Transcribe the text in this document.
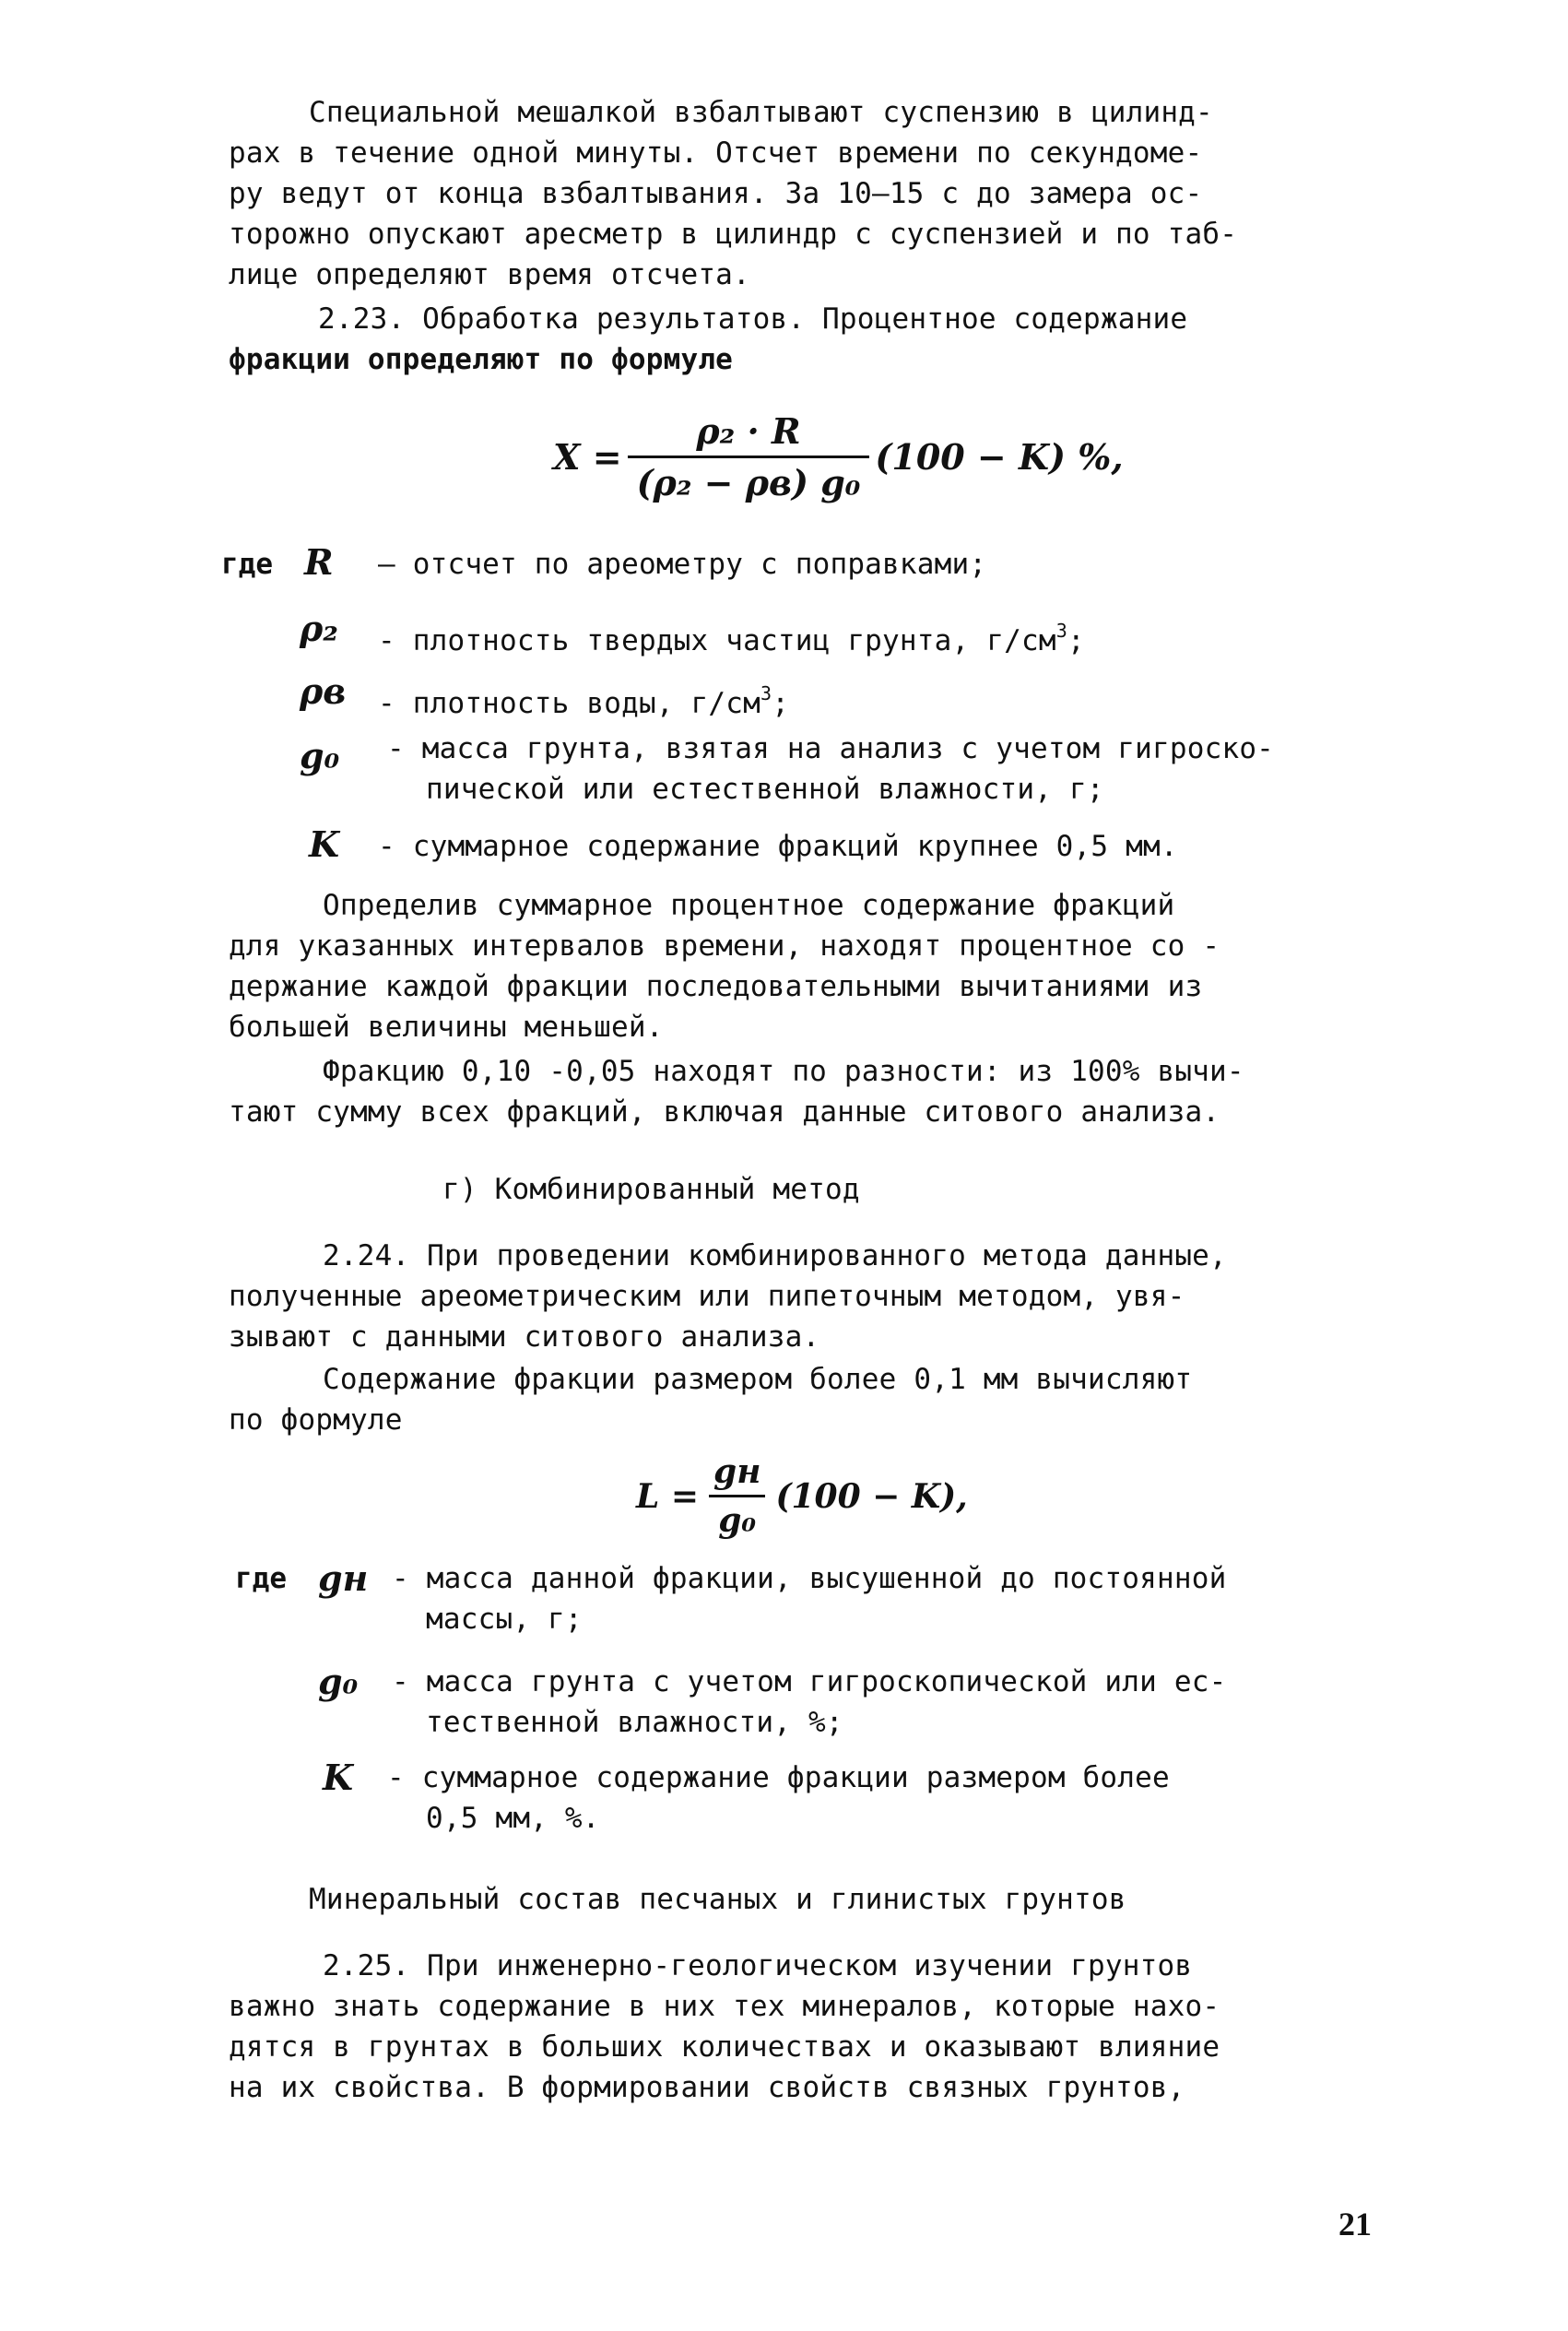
Специальной мешалкой взбалтывают суспензию в цилинд-
рах в течение одной минуты. Отсчет времени по секундоме-
ру ведут от конца взбалтывания. За 10–15 с до замера ос-
торожно опускают аресметр в цилиндр с суспензией и по таб-
лице определяют время отсчета.
2.23. Обработка результатов. Процентное содержание
фракции определяют по формуле
$X = \frac{\text{ρ₂ · R}}{\text{(ρ₂ − ρв) g₀}} (100 - K)$ %,
где R — отсчет по ареометру с поправками;
ρ₂ - плотность твердых частиц грунта, $г/см^3$;
ρв - плотность воды, $г/см^3$;
g₀ - масса грунта, взятая на анализ с учетом гигроско-
пической или естественной влажности, г;
K - суммарное содержание фракций крупнее 0,5 мм.
Определив суммарное процентное содержание фракций
для указанных интервалов времени, находят процентное со -
держание каждой фракции последовательными вычитаниями из
большей величины меньшей.
Фракцию 0,10 -0,05 находят по разности: из 100% вычи-
тают сумму всех фракций, включая данные ситового анализа.
г) Комбинированный метод
2.24. При проведении комбинированного метода данные,
полученные ареометрическим или пипеточным методом, увя-
зывают с данными ситового анализа.
Содержание фракции размером более 0,1 мм вычисляют
по формуле
$L = \frac{gн}{\text{g₀}} (100 - K)$,
где gн - масса данной фракции, высушенной до постоянной
массы, г;
g₀ - масса грунта с учетом гигроскопической или ес-
тественной влажности, %;
K - суммарное содержание фракции размером более
0,5 мм, %.
Минеральный состав песчаных и глинистых грунтов
2.25. При инженерно-геологическом изучении грунтов
важно знать содержание в них тех минералов, которые нахо-
дятся в грунтах в больших количествах и оказывают влияние
на их свойства. В формировании свойств связных грунтов,
21
